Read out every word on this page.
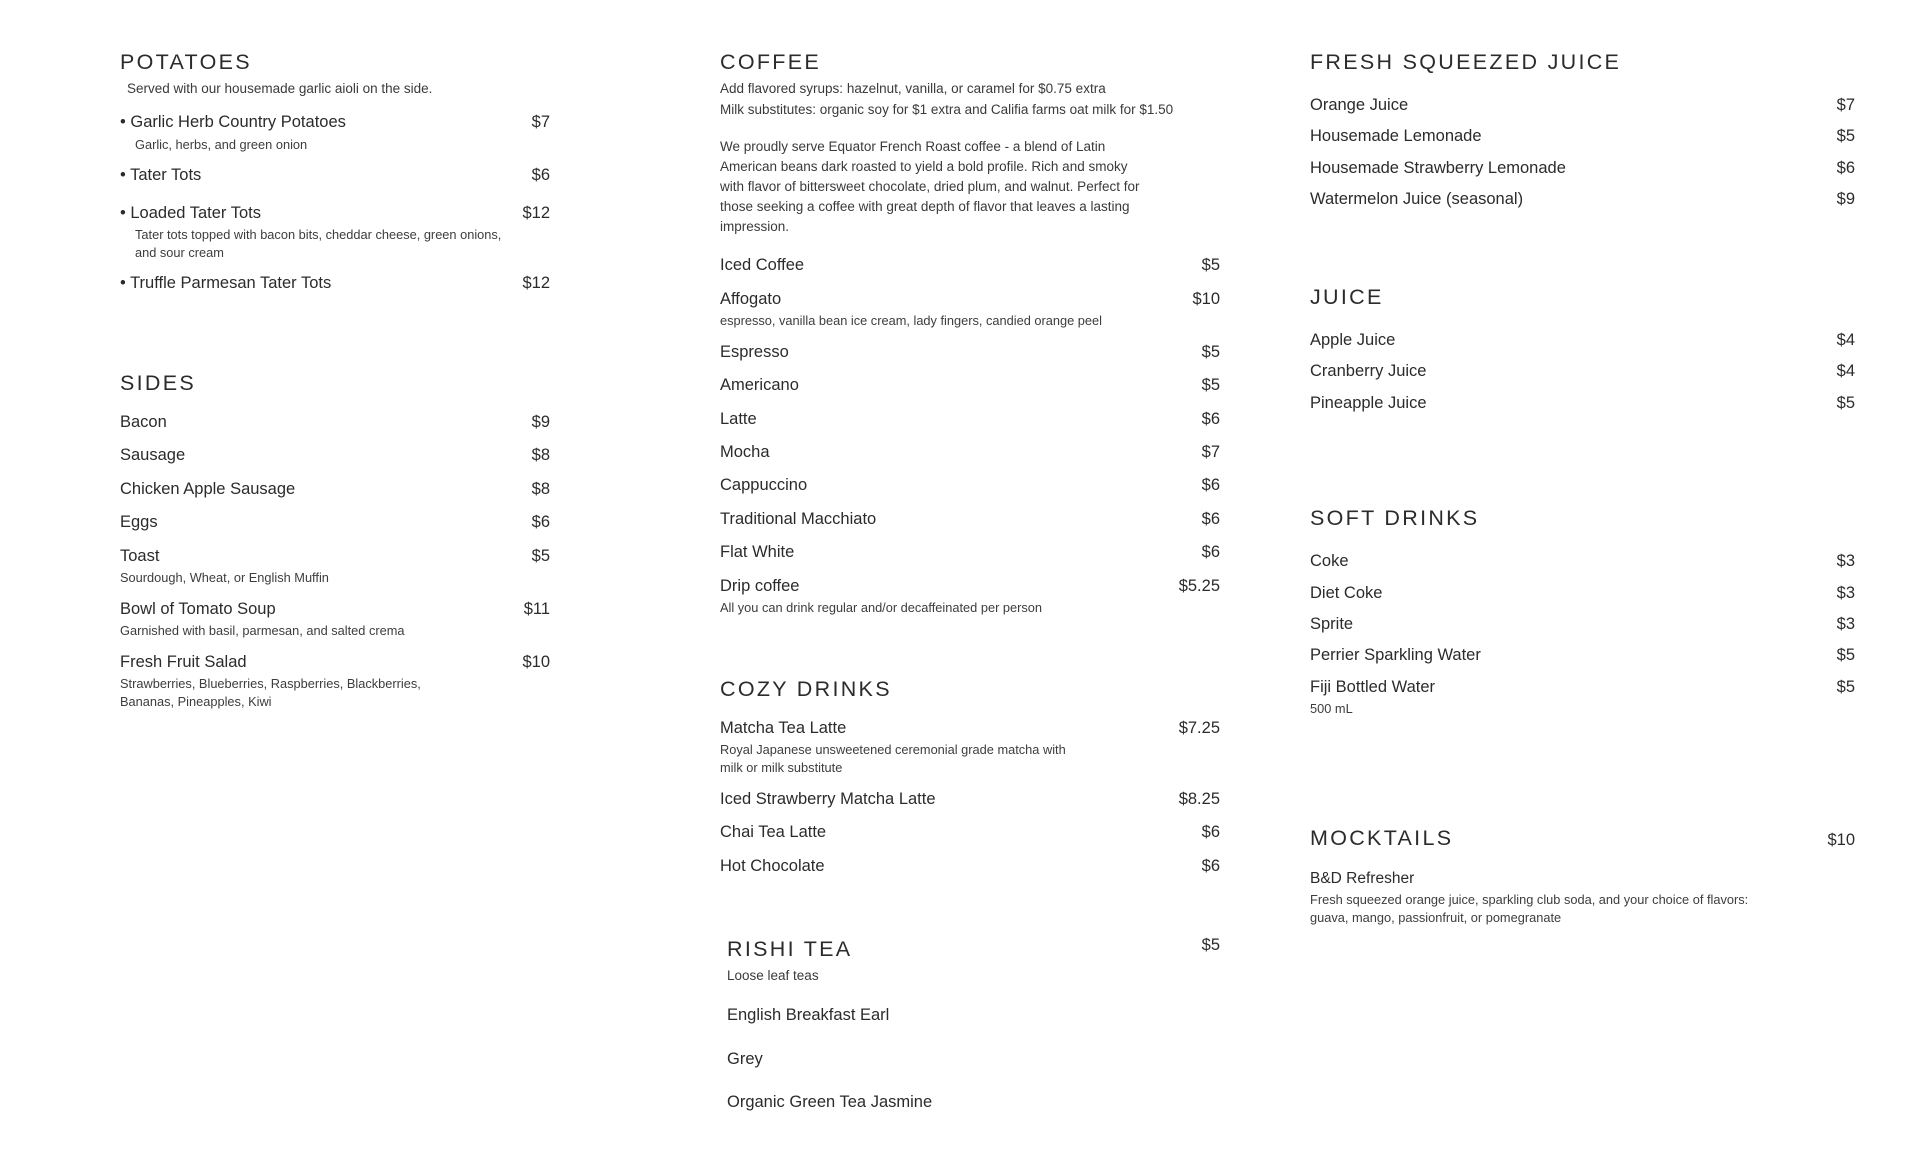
POTATOES
Served with our housemade garlic aioli on the side.
• Garlic Herb Country Potatoes
Garlic, herbs, and green onion
$7
• Tater Tots	$6
• Loaded Tater Tots
Tater tots topped with bacon bits, cheddar cheese, green onions, and sour cream
$12
• Truffle Parmesan Tater Tots	$12
SIDES
Bacon	$9
Sausage	$8
Chicken Apple Sausage	$8
Eggs	$6
Toast
Sourdough, Wheat, or English Muffin
$5
Bowl of Tomato Soup
Garnished with basil, parmesan, and salted crema
$11
Fresh Fruit Salad
Strawberries, Blueberries, Raspberries, Blackberries, Bananas, Pineapples, Kiwi
$10
COFFEE
Add flavored syrups: hazelnut, vanilla, or caramel for $0.75 extra
Milk substitutes: organic soy for $1 extra and Califia farms oat milk for $1.50
We proudly serve Equator French Roast coffee - a blend of Latin American beans dark roasted to yield a bold profile. Rich and smoky with flavor of bittersweet chocolate, dried plum, and walnut. Perfect for those seeking a coffee with great depth of flavor that leaves a lasting impression.
Iced Coffee	$5
Affogato
espresso, vanilla bean ice cream, lady fingers, candied orange peel
$10
Espresso	$5
Americano	$5
Latte	$6
Mocha	$7
Cappuccino	$6
Traditional Macchiato	$6
Flat White	$6
Drip coffee
All you can drink regular and/or decaffeinated per person
$5.25
COZY DRINKS
Matcha Tea Latte
Royal Japanese unsweetened ceremonial grade matcha with milk or milk substitute
$7.25
Iced Strawberry Matcha Latte	$8.25
Chai Tea Latte	$6
Hot Chocolate	$6
RISHI TEA
Loose leaf teas
$5
English Breakfast Earl
Grey
Organic Green Tea Jasmine
FRESH SQUEEZED JUICE
Orange Juice	$7
Housemade Lemonade	$5
Housemade Strawberry Lemonade	$6
Watermelon Juice (seasonal)	$9
JUICE
Apple Juice	$4
Cranberry Juice	$4
Pineapple Juice	$5
SOFT DRINKS
Coke	$3
Diet Coke	$3
Sprite	$3
Perrier Sparkling Water	$5
Fiji Bottled Water
500 mL
$5
MOCKTAILS	$10
B&D Refresher
Fresh squeezed orange juice, sparkling club soda, and your choice of flavors: guava, mango, passionfruit, or pomegranate
